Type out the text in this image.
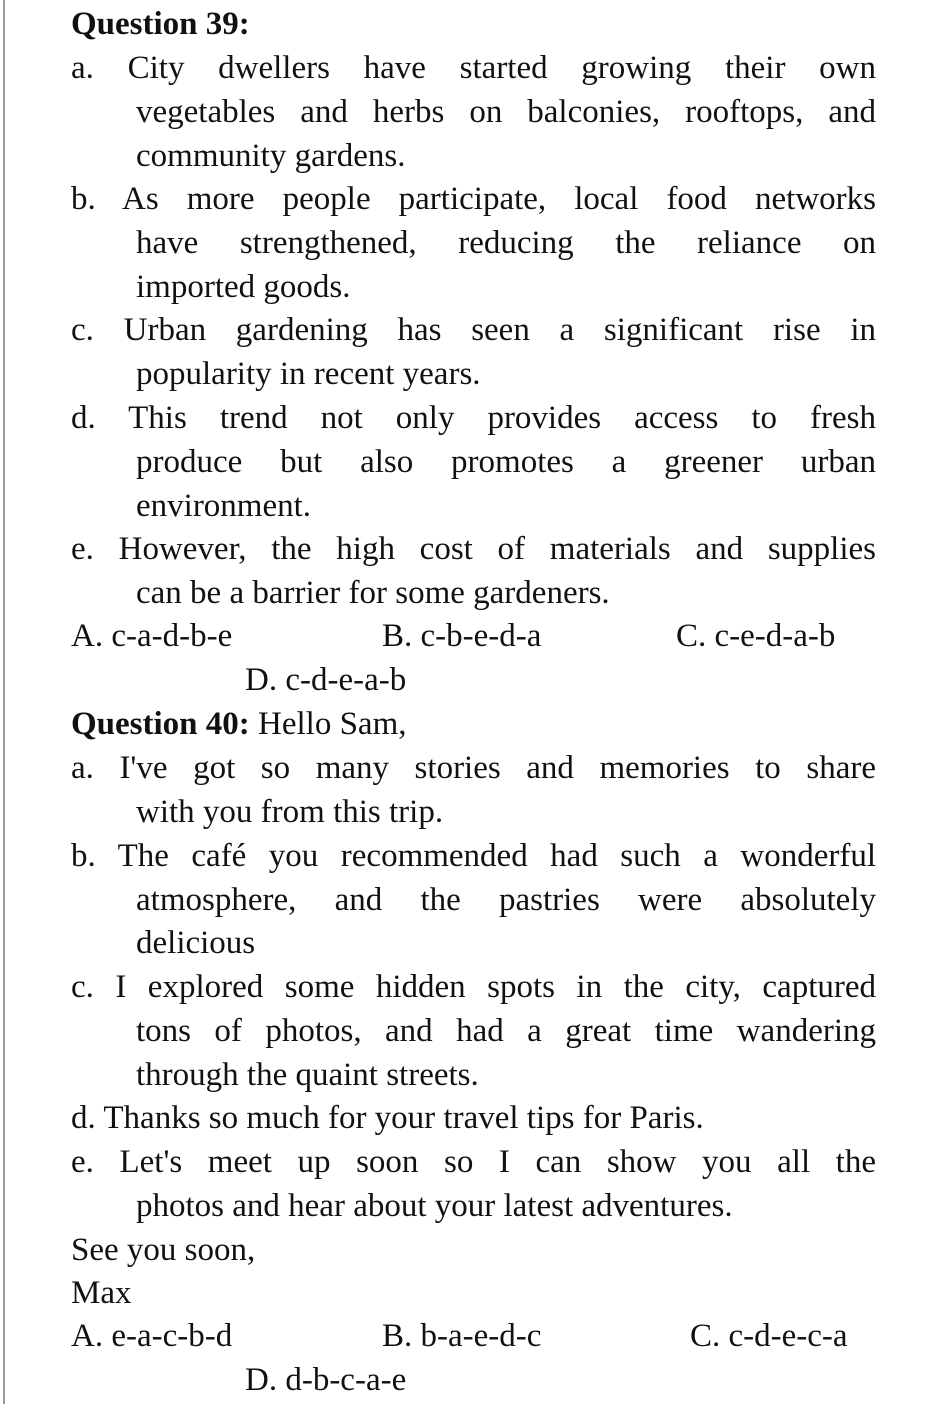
Question 39:
a. City dwellers have started growing their own
vegetables and herbs on balconies, rooftops, and
community gardens.
b. As more people participate, local food networks
have strengthened, reducing the reliance on
imported goods.
c. Urban gardening has seen a significant rise in
popularity in recent years.
d. This trend not only provides access to fresh
produce but also promotes a greener urban
environment.
e. However, the high cost of materials and supplies
can be a barrier for some gardeners.
A. c-a-d-b-e	B. c-b-e-d-a	C. c-e-d-a-b
D. c-d-e-a-b
Question 40: Hello Sam,
a. I've got so many stories and memories to share
with you from this trip.
b. The café you recommended had such a wonderful
atmosphere, and the pastries were absolutely
delicious
c. I explored some hidden spots in the city, captured
tons of photos, and had a great time wandering
through the quaint streets.
d. Thanks so much for your travel tips for Paris.
e. Let's meet up soon so I can show you all the
photos and hear about your latest adventures.
See you soon,
Max
A. e-a-c-b-d	B. b-a-e-d-c	C. c-d-e-c-a
D. d-b-c-a-e
